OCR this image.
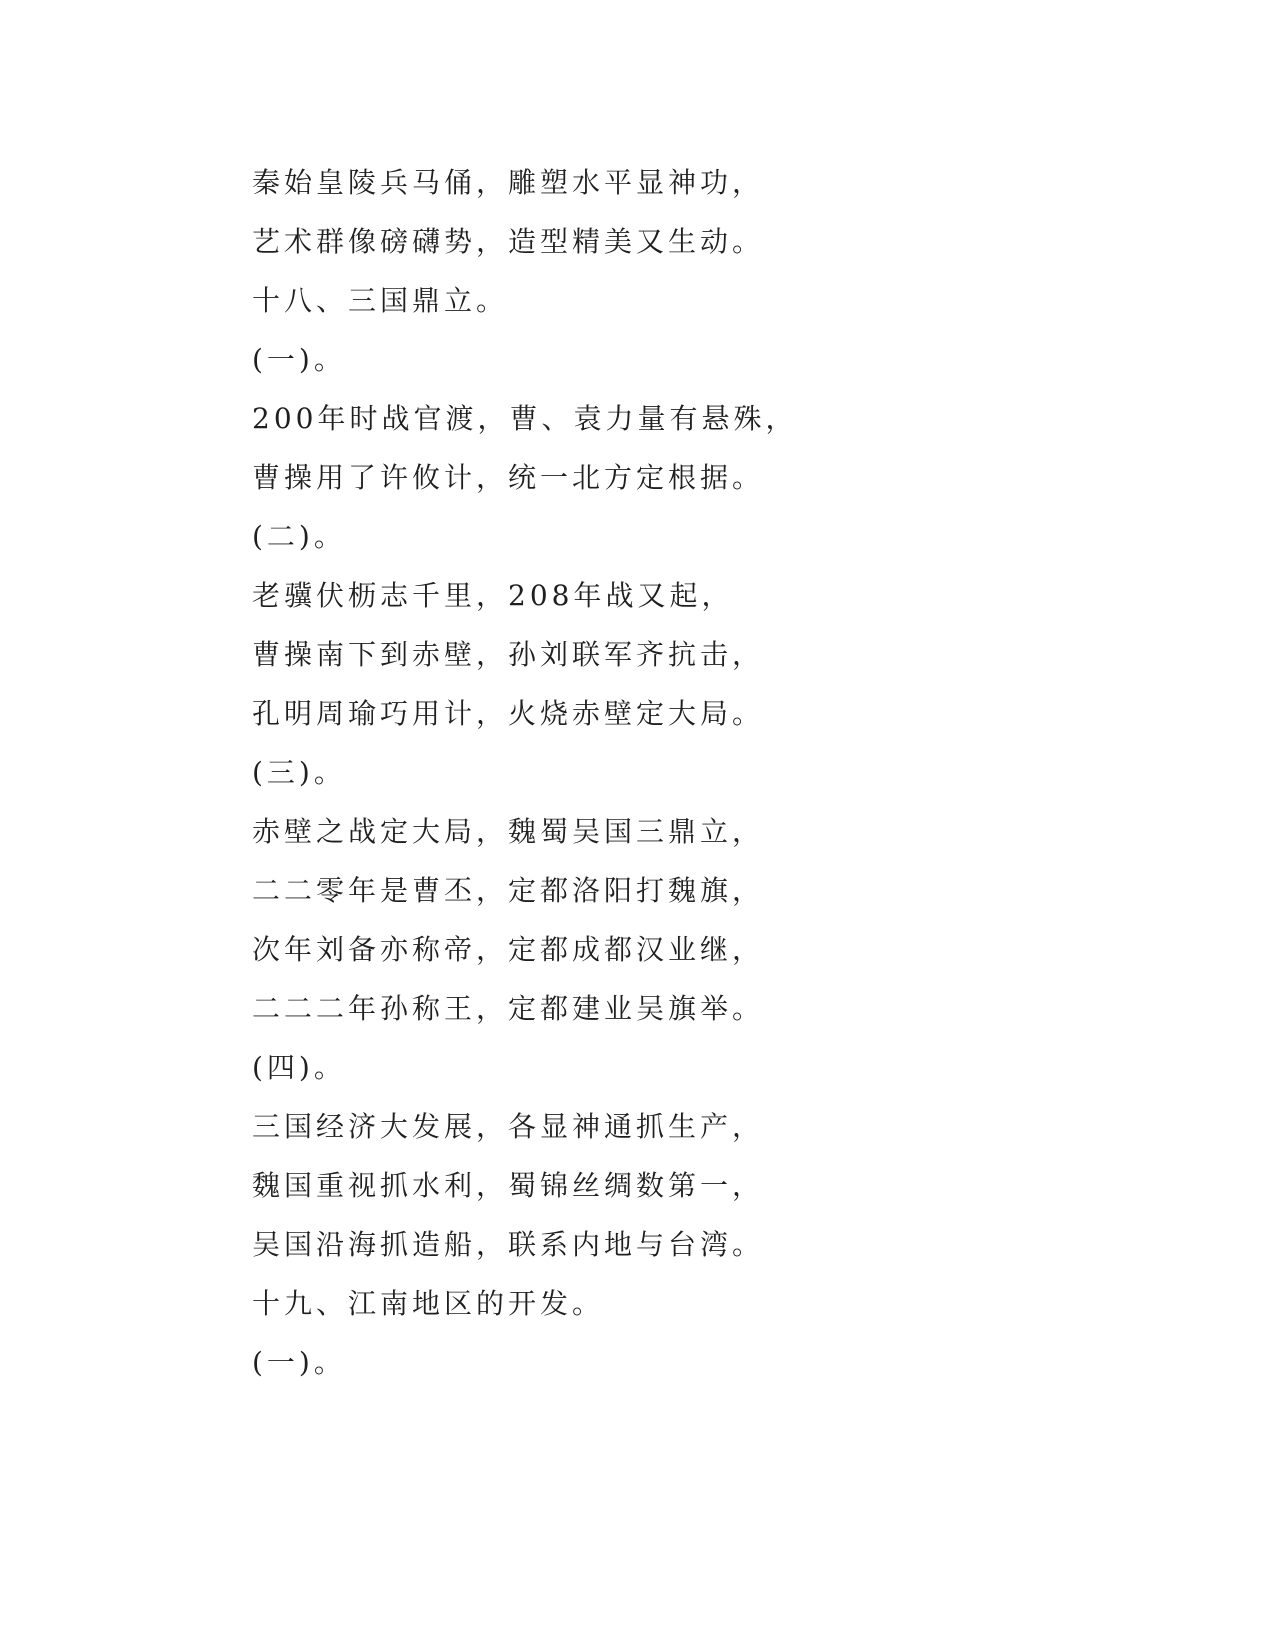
秦始皇陵兵马俑，雕塑水平显神功，
艺术群像磅礴势，造型精美又生动。
十八、三国鼎立。
(一)。
200年时战官渡，曹、袁力量有悬殊，
曹操用了许攸计，统一北方定根据。
(二)。
老骥伏枥志千里，208年战又起，
曹操南下到赤壁，孙刘联军齐抗击，
孔明周瑜巧用计，火烧赤壁定大局。
(三)。
赤壁之战定大局，魏蜀吴国三鼎立，
二二零年是曹丕，定都洛阳打魏旗，
次年刘备亦称帝，定都成都汉业继，
二二二年孙称王，定都建业吴旗举。
(四)。
三国经济大发展，各显神通抓生产，
魏国重视抓水利，蜀锦丝绸数第一，
吴国沿海抓造船，联系内地与台湾。
十九、江南地区的开发。
(一)。
